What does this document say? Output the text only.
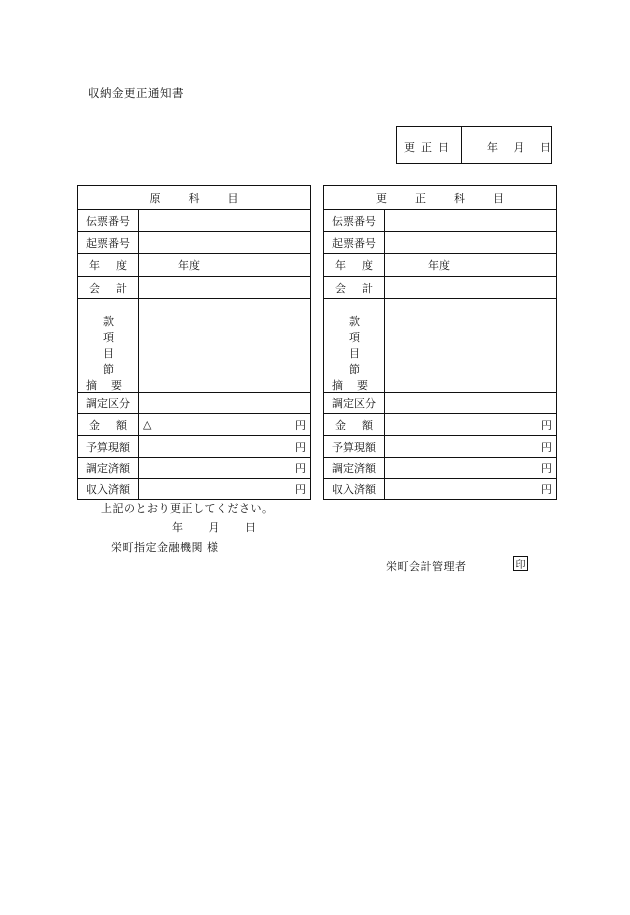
収納金更正通知書
更正日	年 月 日
原科目
伝票番号
起票番号
年度	年度
会計
款
項
目
節
摘要
調定区分
金額 △	円
予算現額	円
調定済額	円
収入済額	円
更正科目
伝票番号
起票番号
年度	年度
会計
款
項
目
節
摘要
調定区分
金額	円
予算現額	円
調定済額	円
収入済額	円
上記のとおり更正してください。
年 月 日
栄町指定金融機関 様
栄町会計管理者	印
